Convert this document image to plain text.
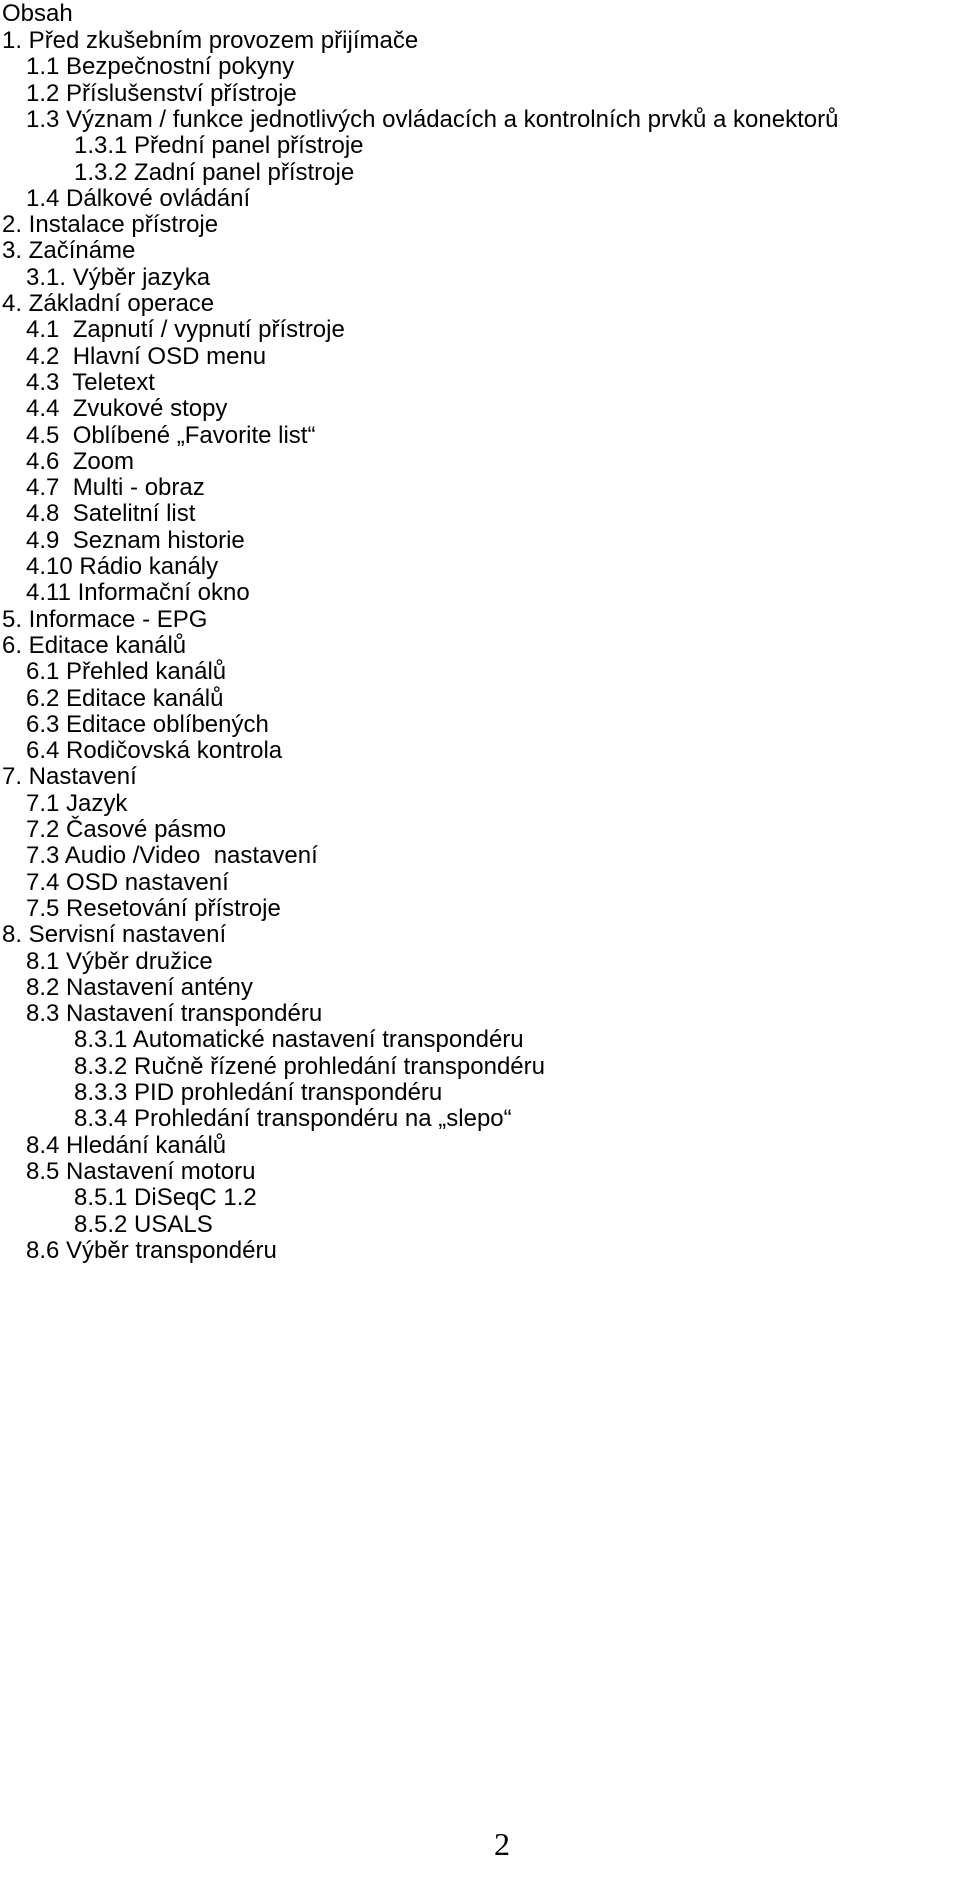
Obsah
1. Před zkušebním provozem přijímače
1.1 Bezpečnostní pokyny
1.2 Příslušenství přístroje
1.3 Význam / funkce jednotlivých ovládacích a kontrolních prvků a konektorů
1.3.1 Přední panel přístroje
1.3.2 Zadní panel přístroje
1.4 Dálkové ovládání
2. Instalace přístroje
3. Začínáme
3.1. Výběr jazyka
4. Základní operace
4.1  Zapnutí / vypnutí přístroje
4.2  Hlavní OSD menu
4.3  Teletext
4.4  Zvukové stopy
4.5  Oblíbené „Favorite list“
4.6  Zoom
4.7  Multi - obraz
4.8  Satelitní list
4.9  Seznam historie
4.10 Rádio kanály
4.11 Informační okno
5. Informace - EPG
6. Editace kanálů
6.1 Přehled kanálů
6.2 Editace kanálů
6.3 Editace oblíbených
6.4 Rodičovská kontrola
7. Nastavení
7.1 Jazyk
7.2 Časové pásmo
7.3 Audio /Video  nastavení
7.4 OSD nastavení
7.5 Resetování přístroje
8. Servisní nastavení
8.1 Výběr družice
8.2 Nastavení antény
8.3 Nastavení transpondéru
8.3.1 Automatické nastavení transpondéru
8.3.2 Ručně řízené prohledání transpondéru
8.3.3 PID prohledání transpondéru
8.3.4 Prohledání transpondéru na „slepo“
8.4 Hledání kanálů
8.5 Nastavení motoru
8.5.1 DiSeqC 1.2
8.5.2 USALS
8.6 Výběr transpondéru
2
